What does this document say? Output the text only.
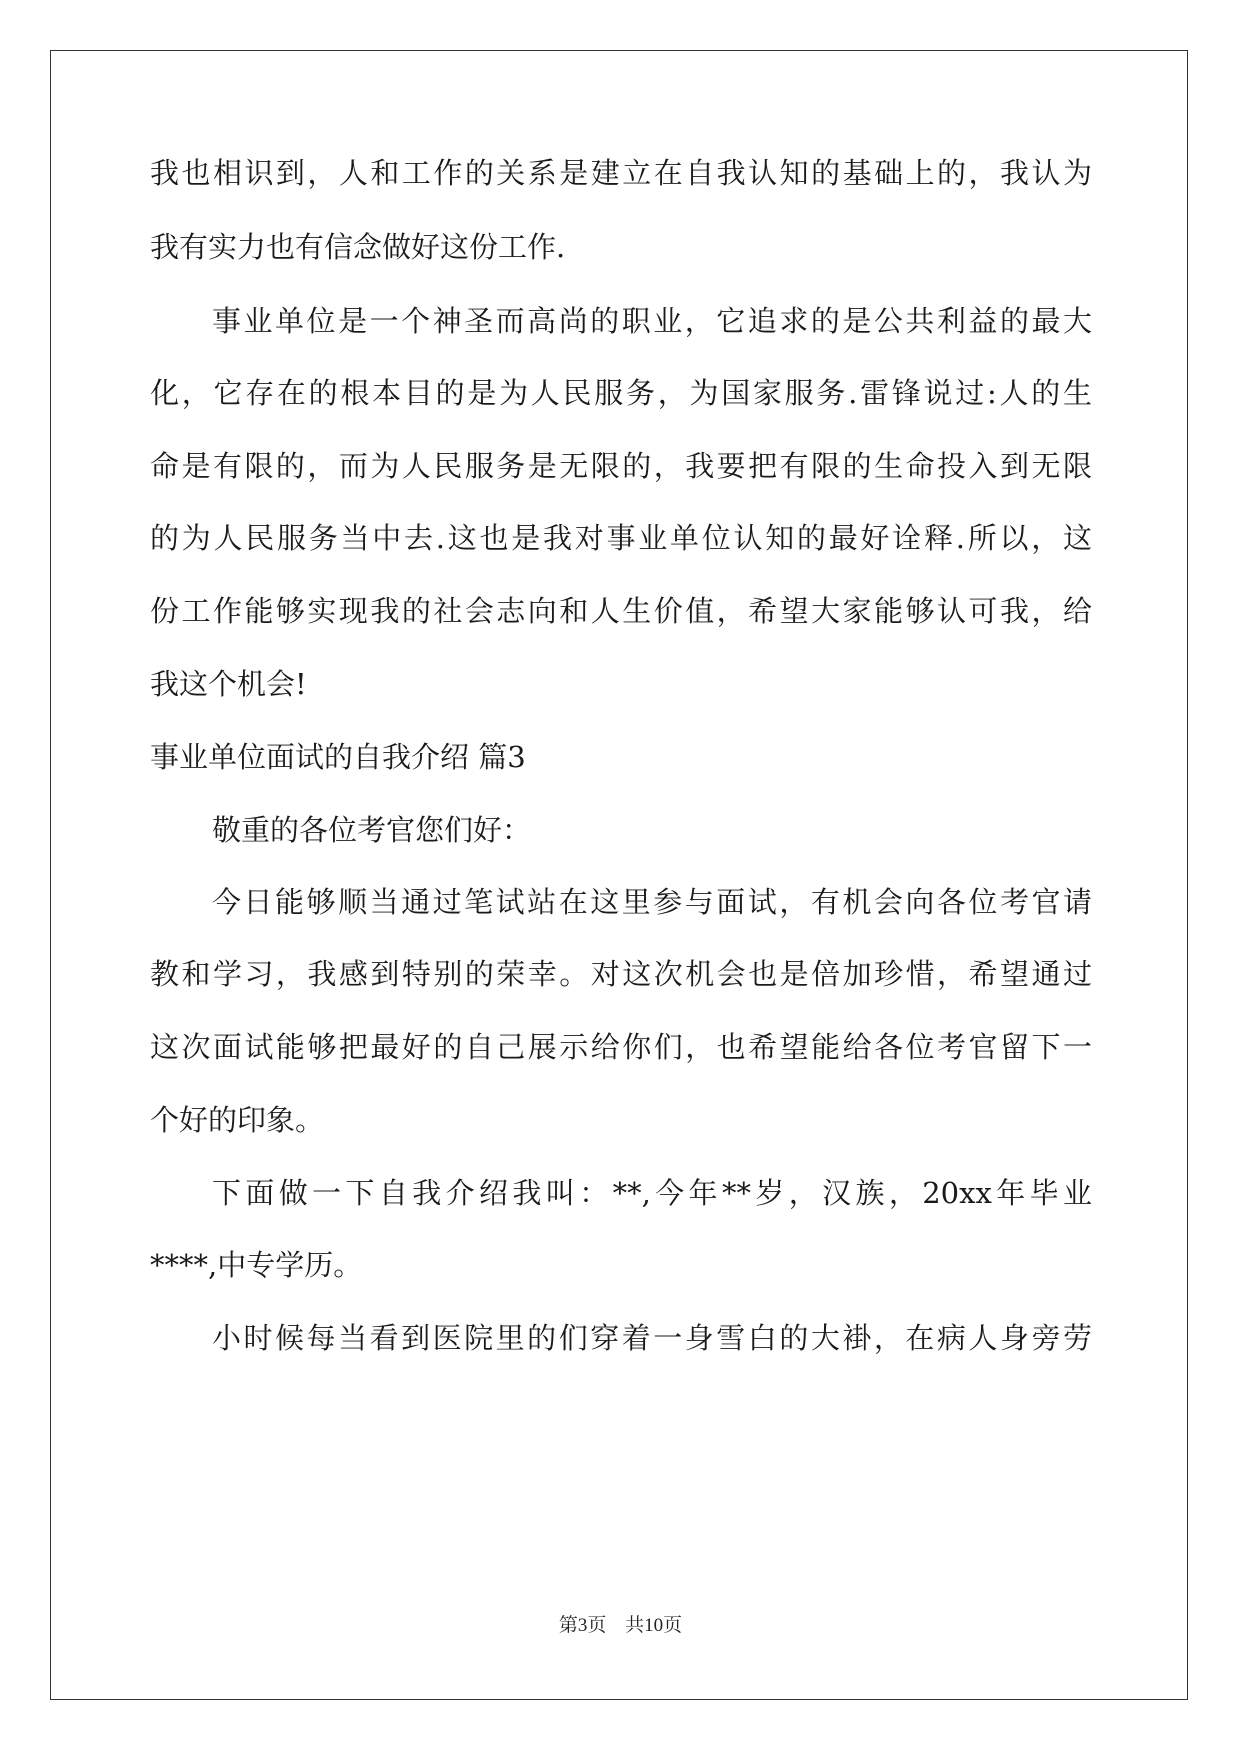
我也相识到，人和工作的关系是建立在自我认知的基础上的，我认为
我有实力也有信念做好这份工作.
事业单位是一个神圣而高尚的职业，它追求的是公共利益的最大
化，它存在的根本目的是为人民服务，为国家服务.雷锋说过:人的生
命是有限的，而为人民服务是无限的，我要把有限的生命投入到无限
的为人民服务当中去.这也是我对事业单位认知的最好诠释.所以，这
份工作能够实现我的社会志向和人生价值，希望大家能够认可我，给
我这个机会!
事业单位面试的自我介绍 篇3
敬重的各位考官您们好：
今日能够顺当通过笔试站在这里参与面试，有机会向各位考官请
教和学习，我感到特别的荣幸。对这次机会也是倍加珍惜，希望通过
这次面试能够把最好的自己展示给你们，也希望能给各位考官留下一
个好的印象。
下面做一下自我介绍我叫：**,今年**岁，汉族，20xx年毕业
****,中专学历。
小时候每当看到医院里的们穿着一身雪白的大褂，在病人身旁劳
第3页 共10页
